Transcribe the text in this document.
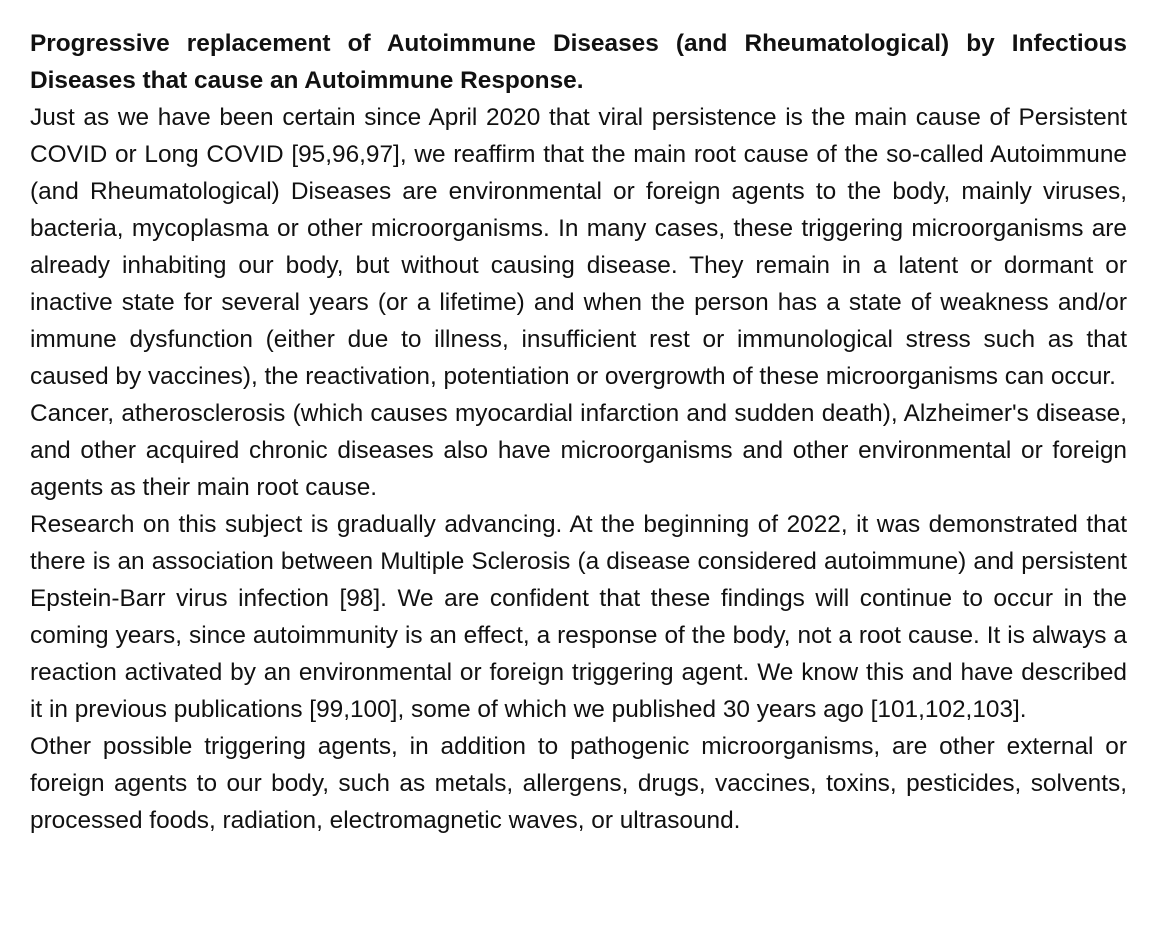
Progressive replacement of Autoimmune Diseases (and Rheumatological) by Infectious Diseases that cause an Autoimmune Response.

Just as we have been certain since April 2020 that viral persistence is the main cause of Persistent COVID or Long COVID [95,96,97], we reaffirm that the main root cause of the so-called Autoimmune (and Rheumatological) Diseases are environmental or foreign agents to the body, mainly viruses, bacteria, mycoplasma or other microorganisms. In many cases, these triggering microorganisms are already inhabiting our body, but without causing disease. They remain in a latent or dormant or inactive state for several years (or a lifetime) and when the person has a state of weakness and/or immune dysfunction (either due to illness, insufficient rest or immunological stress such as that caused by vaccines), the reactivation, potentiation or overgrowth of these microorganisms can occur.

Cancer, atherosclerosis (which causes myocardial infarction and sudden death), Alzheimer's disease, and other acquired chronic diseases also have microorganisms and other environmental or foreign agents as their main root cause.

Research on this subject is gradually advancing. At the beginning of 2022, it was demonstrated that there is an association between Multiple Sclerosis (a disease considered autoimmune) and persistent Epstein-Barr virus infection [98]. We are confident that these findings will continue to occur in the coming years, since autoimmunity is an effect, a response of the body, not a root cause. It is always a reaction activated by an environmental or foreign triggering agent. We know this and have described it in previous publications [99,100], some of which we published 30 years ago [101,102,103].

Other possible triggering agents, in addition to pathogenic microorganisms, are other external or foreign agents to our body, such as metals, allergens, drugs, vaccines, toxins, pesticides, solvents, processed foods, radiation, electromagnetic waves, or ultrasound.
